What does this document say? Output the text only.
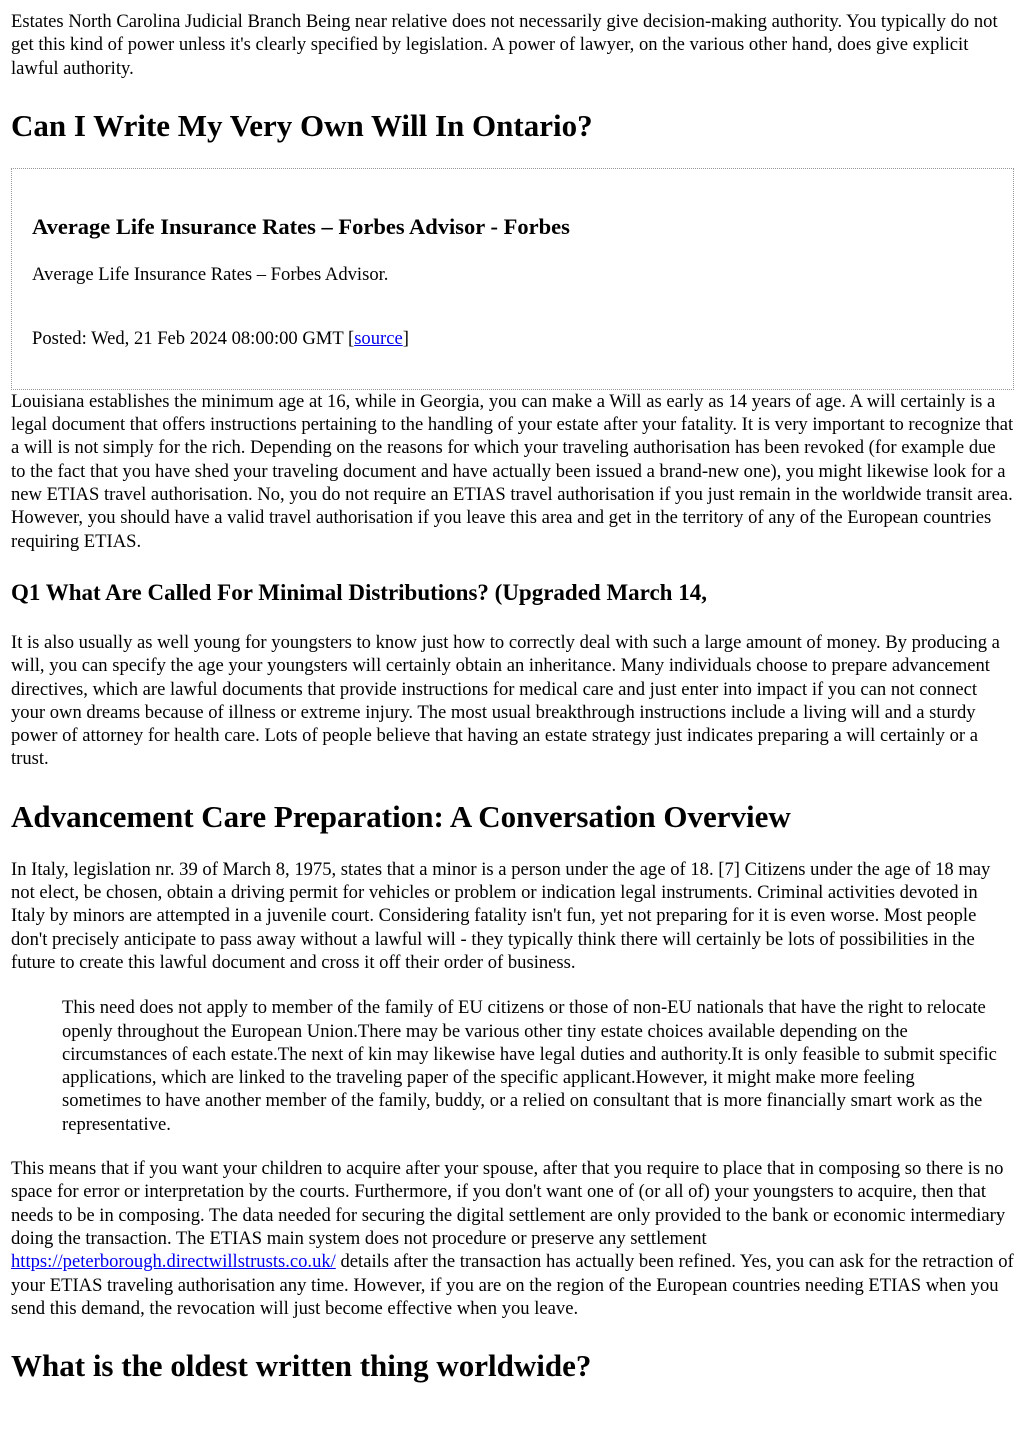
Estates North Carolina Judicial Branch Being near relative does not necessarily give decision-making authority. You typically do not get this kind of power unless it's clearly specified by legislation. A power of lawyer, on the various other hand, does give explicit lawful authority.

Can I Write My Very Own Will In Ontario?
Average Life Insurance Rates – Forbes Advisor - Forbes

Average Life Insurance Rates – Forbes Advisor.

Posted: Wed, 21 Feb 2024 08:00:00 GMT [source]

Louisiana establishes the minimum age at 16, while in Georgia, you can make a Will as early as 14 years of age. A will certainly is a legal document that offers instructions pertaining to the handling of your estate after your fatality. It is very important to recognize that a will is not simply for the rich. Depending on the reasons for which your traveling authorisation has been revoked (for example due to the fact that you have shed your traveling document and have actually been issued a brand-new one), you might likewise look for a new ETIAS travel authorisation. No, you do not require an ETIAS travel authorisation if you just remain in the worldwide transit area. However, you should have a valid travel authorisation if you leave this area and get in the territory of any of the European countries requiring ETIAS.

Q1 What Are Called For Minimal Distributions? (Upgraded March 14,

It is also usually as well young for youngsters to know just how to correctly deal with such a large amount of money. By producing a will, you can specify the age your youngsters will certainly obtain an inheritance. Many individuals choose to prepare advancement directives, which are lawful documents that provide instructions for medical care and just enter into impact if you can not connect your own dreams because of illness or extreme injury. The most usual breakthrough instructions include a living will and a sturdy power of attorney for health care. Lots of people believe that having an estate strategy just indicates preparing a will certainly or a trust.

Advancement Care Preparation: A Conversation Overview

In Italy, legislation nr. 39 of March 8, 1975, states that a minor is a person under the age of 18. [7] Citizens under the age of 18 may not elect, be chosen, obtain a driving permit for vehicles or problem or indication legal instruments. Criminal activities devoted in Italy by minors are attempted in a juvenile court. Considering fatality isn't fun, yet not preparing for it is even worse. Most people don't precisely anticipate to pass away without a lawful will - they typically think there will certainly be lots of possibilities in the future to create this lawful document and cross it off their order of business.

This need does not apply to member of the family of EU citizens or those of non-EU nationals that have the right to relocate openly throughout the European Union.There may be various other tiny estate choices available depending on the circumstances of each estate.The next of kin may likewise have legal duties and authority.It is only feasible to submit specific applications, which are linked to the traveling paper of the specific applicant.However, it might make more feeling sometimes to have another member of the family, buddy, or a relied on consultant that is more financially smart work as the representative.

This means that if you want your children to acquire after your spouse, after that you require to place that in composing so there is no space for error or interpretation by the courts. Furthermore, if you don't want one of (or all of) your youngsters to acquire, then that needs to be in composing. The data needed for securing the digital settlement are only provided to the bank or economic intermediary doing the transaction. The ETIAS main system does not procedure or preserve any settlement https://peterborough.directwillstrusts.co.uk/ details after the transaction has actually been refined. Yes, you can ask for the retraction of your ETIAS traveling authorisation any time. However, if you are on the region of the European countries needing ETIAS when you send this demand, the revocation will just become effective when you leave.

What is the oldest written thing worldwide?
